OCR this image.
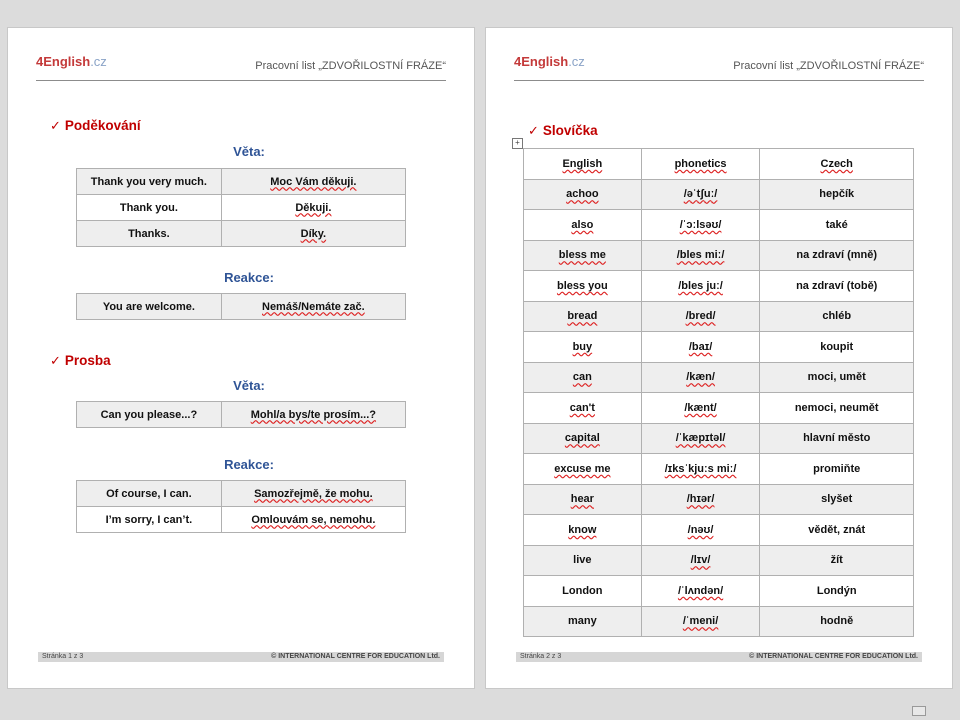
4English.cz	Pracovní list „ZDVOŘILOSTNÍ FRÁZE“
✓ Poděkování
Věta:
Thank you very much.	Moc Vám děkuji.
Thank you.	Děkuji.
Thanks.	Díky.
Reakce:
You are welcome.	Nemáš/Nemáte zač.
✓ Prosba
Věta:
Can you please...?	Mohl/a bys/te prosím...?
Reakce:
Of course, I can.	Samozřejmě, že mohu.
I’m sorry, I can’t.	Omlouvám se, nemohu.
Stránka 1 z 3	© INTERNATIONAL CENTRE FOR EDUCATION Ltd.
4English.cz	Pracovní list „ZDVOŘILOSTNÍ FRÁZE“
✓ Slovíčka
+
English	phonetics	Czech
achoo	/əˈtʃuː/	hepčík
also	/ˈɔːlsəʊ/	také
bless me	/bles miː/	na zdraví (mně)
bless you	/bles juː/	na zdraví (tobě)
bread	/bred/	chléb
buy	/baɪ/	koupit
can	/kæn/	moci, umět
can't	/kænt/	nemoci, neumět
capital	/ˈkæpɪtəl/	hlavní město
excuse me	/ɪksˈkjuːs miː/	promiňte
hear	/hɪər/	slyšet
know	/nəʊ/	vědět, znát
live	/lɪv/	žít
London	/ˈlʌndən/	Londýn
many	/ˈmeni/	hodně
Stránka 2 z 3	© INTERNATIONAL CENTRE FOR EDUCATION Ltd.
